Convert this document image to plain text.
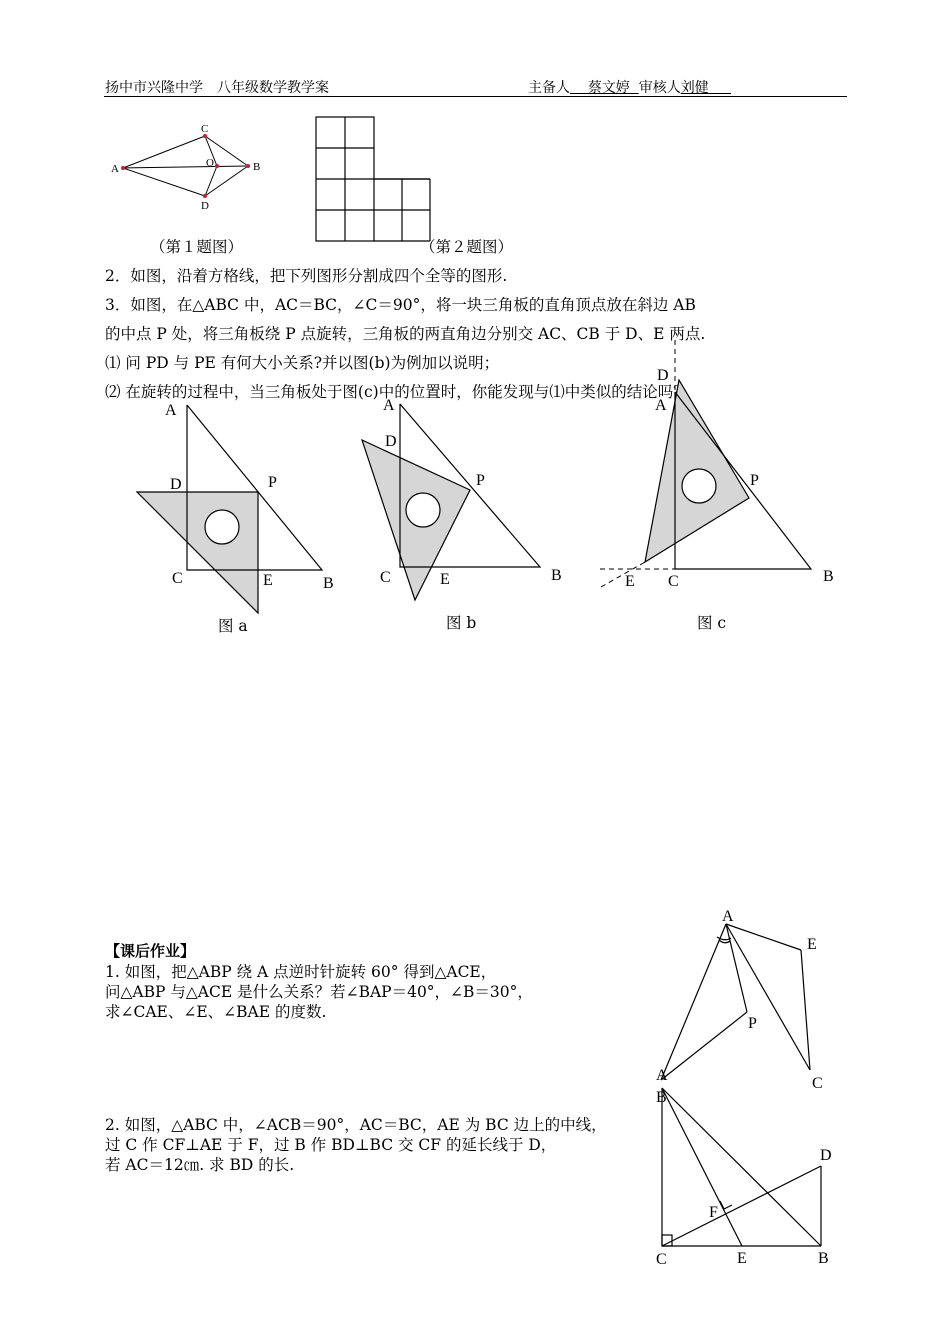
扬中市兴隆中学　八年级数学教学案	主备人 蔡文婷 审核人刘健
A
C
O	B
D
（第１题图）	（第２题图）
2．如图，沿着方格线，把下列图形分割成四个全等的图形.
3．如图，在△ABC 中，AC＝BC，∠C＝90°，将一块三角板的直角顶点放在斜边 AB
的中点 P 处，将三角板绕 P 点旋转，三角板的两直角边分别交 AC、CB 于 D、E 两点.
⑴ 问 PD 与 PE 有何大小关系?并以图(b)为例加以说明；
⑵ 在旋转的过程中，当三角板处于图(c)中的位置时，你能发现与⑴中类似的结论吗？
A
D	P
C	E	B
图 a
A
D
P
C	E	B
图 b
D
A
P
E C	B
图 c
【课后作业】
1. 如图，把△ABP 绕 A 点逆时针旋转 60° 得到△ACE，
问△ABP 与△ACE 是什么关系？若∠BAP＝40°，∠B＝30°，
求∠CAE、∠E、∠BAE 的度数.
2. 如图，△ABC 中，∠ACB＝90°，AC＝BC，AE 为 BC 边上的中线，
过 C 作 CF⊥AE 于 F，过 B 作 BD⊥BC 交 CF 的延长线于 D，
若 AC＝12㎝. 求 BD 的长.
A
E
P
C
A
B
D
F
C	E	B
